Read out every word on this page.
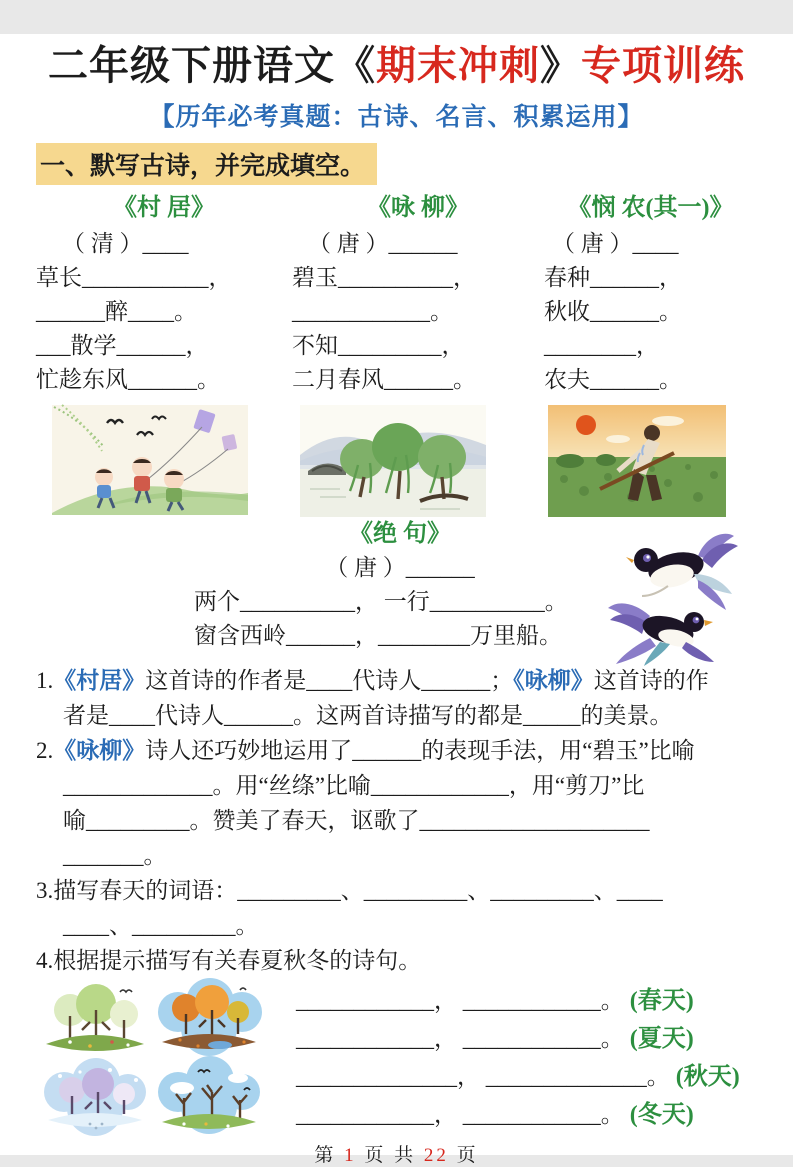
二年级下册语文《期末冲刺》专项训练
【历年必考真题：古诗、名言、积累运用】
一、默写古诗，并完成填空。
《村 居》
（ 清 ）____
草长___________，
______醉____。
___散学______，
忙趁东风______。
《咏 柳》
（ 唐 ）______
碧玉__________，
____________。
不知_________，
二月春风______。
《悯 农(其一)》
（ 唐 ）____
春种______，
秋收______。
________，
农夫______。
《绝 句》
（ 唐 ）______
两个__________， 一行__________。
窗含西岭______，________万里船。
1.《村居》这首诗的作者是____代诗人______；《咏柳》这首诗的作
者是____代诗人______。这两首诗描写的都是_____的美景。
2.《咏柳》诗人还巧妙地运用了______的表现手法，用“碧玉”比喻
_____________。用“丝绦”比喻____________，用“剪刀”比
喻_________。赞美了春天，讴歌了____________________
_______。
3.描写春天的词语：_________、_________、_________、____
____、_________。
4.根据提示描写有关春夏秋冬的诗句。
____________， ____________。 (春天)
____________， ____________。 (夏天)
______________， ______________。 (秋天)
____________， ____________。 (冬天)
第 1 页 共 22 页
